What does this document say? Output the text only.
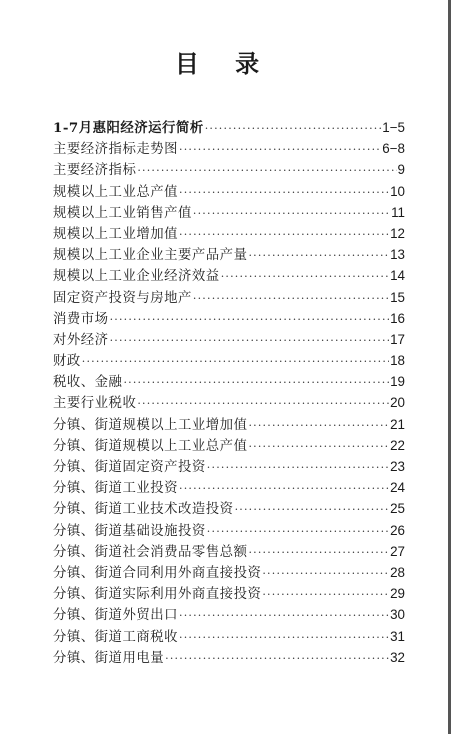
目 录
1-7月惠阳经济运行简析 ·····	1−5
主要经济指标走势图 ·····	6−8
主要经济指标 ·····	9
规模以上工业总产值 ·····	10
规模以上工业销售产值 ·····	11
规模以上工业增加值 ·····	12
规模以上工业企业主要产品产量 ·····	13
规模以上工业企业经济效益 ·····	14
固定资产投资与房地产 ·····	15
消费市场 ·····	16
对外经济 ·····	17
财政 ·····	18
税收、金融 ·····	19
主要行业税收 ·····	20
分镇、街道规模以上工业增加值 ·····	21
分镇、街道规模以上工业总产值 ·····	22
分镇、街道固定资产投资 ·····	23
分镇、街道工业投资 ·····	24
分镇、街道工业技术改造投资 ·····	25
分镇、街道基础设施投资 ·····	26
分镇、街道社会消费品零售总额 ·····	27
分镇、街道合同利用外商直接投资 ·····	28
分镇、街道实际利用外商直接投资 ·····	29
分镇、街道外贸出口 ·····	30
分镇、街道工商税收 ·····	31
分镇、街道用电量 ·····	32
